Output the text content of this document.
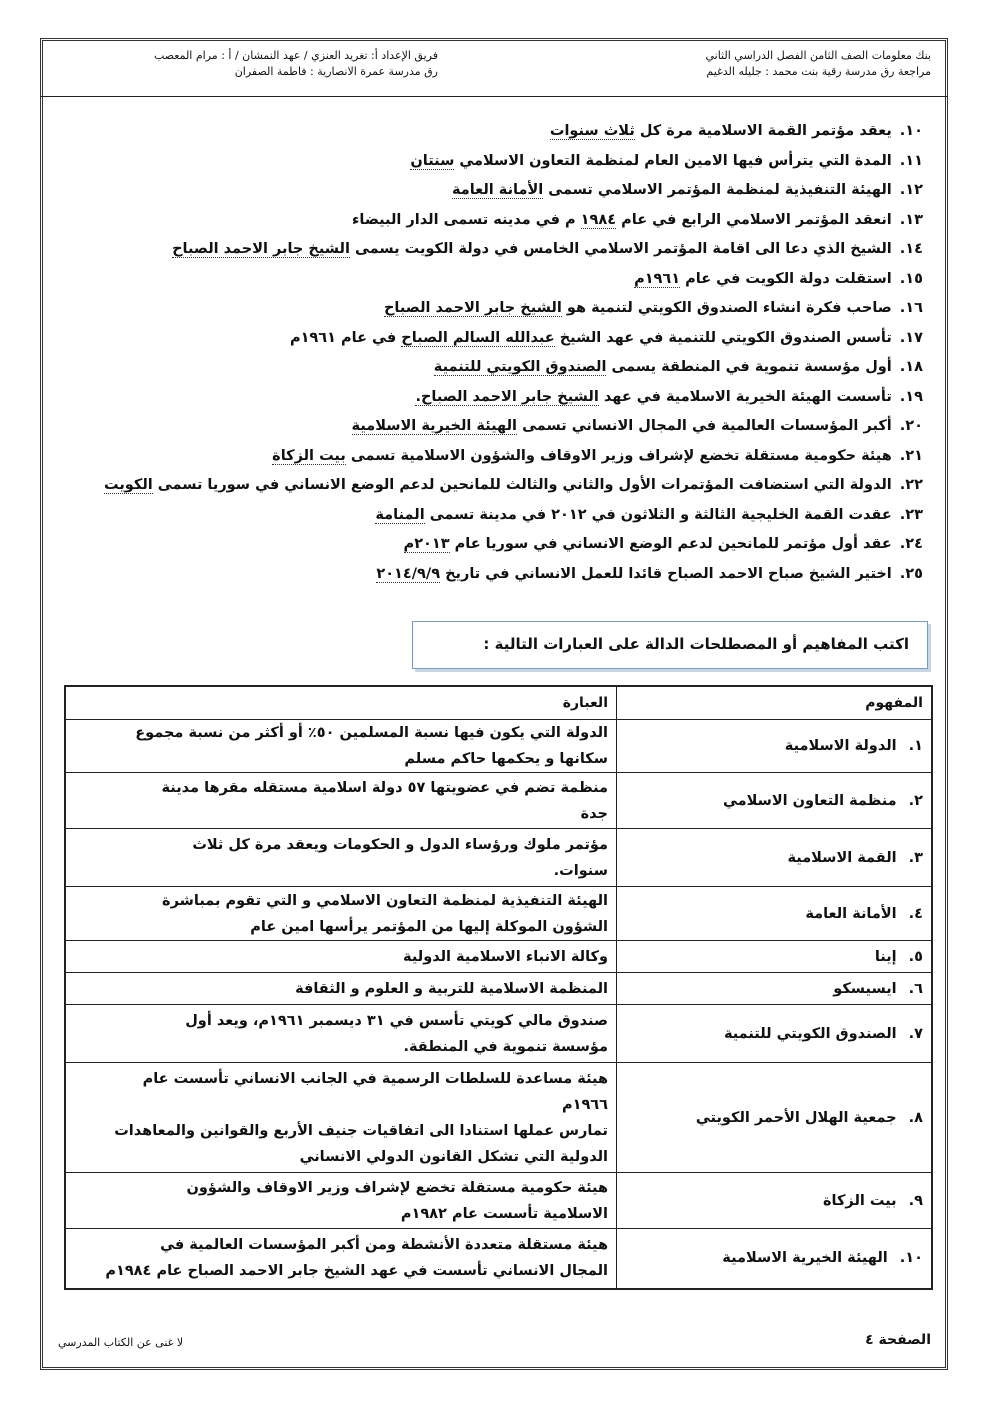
بنك معلومات الصف الثامن الفصل الدراسي الثاني
مراجعة رق مدرسة رقية بنت محمد : جليله الدغيم
فريق الإعداد أ: تغريد العنزي / عهد النمشان / أ : مرام المعصب
رق مدرسة عمرة الانصارية : فاطمة الصفران
١٠.يعقد مؤتمر القمة الاسلامية مرة كل ثلاث سنوات
١١.المدة التي يترأس فيها الامين العام لمنظمة التعاون الاسلامي سنتان
١٢.الهيئة التنفيذية لمنظمة المؤتمر الاسلامي تسمى الأمانة العامة
١٣.انعقد المؤتمر الاسلامي الرابع في عام ١٩٨٤ م في مدينه تسمى الدار البيضاء
١٤.الشيخ الذي دعا الى اقامة المؤتمر الاسلامي الخامس في دولة الكويت يسمى الشيخ جابر الاحمد الصباح
١٥.استقلت دولة الكويت في عام ١٩٦١م
١٦.صاحب فكرة انشاء الصندوق الكويتي لتنمية هو الشيخ جابر الاحمد الصباح
١٧.تأسس الصندوق الكويتي للتنمية في عهد الشيخ عبدالله السالم الصباح في عام ١٩٦١م
١٨.أول مؤسسة تنموية في المنطقة يسمى الصندوق الكويتي للتنمية
١٩.تأسست الهيئة الخيرية الاسلامية في عهد الشيخ جابر الاحمد الصباح.
٢٠.أكبر المؤسسات العالمية في المجال الانساني تسمى الهيئة الخيرية الاسلامية
٢١.هيئة حكومية مستقلة تخضع لإشراف وزير الاوقاف والشؤون الاسلامية تسمى بيت الزكاة
٢٢.الدولة التي استضافت المؤتمرات الأول والثاني والثالث للمانحين لدعم الوضع الانساني في سوريا تسمى الكويت
٢٣.عقدت القمة الخليجية الثالثة و الثلاثون في ٢٠١٢ في مدينة تسمى المنامة
٢٤.عقد أول مؤتمر للمانحين لدعم الوضع الانساني في سوريا عام ٢٠١٣م
٢٥.اختير الشيخ صباح الاحمد الصباح قائدا للعمل الانساني في تاريخ ٢٠١٤/٩/٩
اكتب المفاهيم أو المصطلحات الدالة على العبارات التالية :
المفهوم	العبارة
١.الدولة الاسلامية	الدولة التي يكون فيها نسبة المسلمين ٥٠٪ أو أكثر من نسبة مجموع
سكانها و يحكمها حاكم مسلم

٢.منظمة التعاون الاسلامي	منظمة تضم في عضويتها ٥٧ دولة اسلامية مستقله مقرها مدينة
جدة

٣.القمة الاسلامية	مؤتمر ملوك ورؤساء الدول و الحكومات ويعقد مرة كل ثلاث
سنوات.

٤.الأمانة العامة	الهيئة التنفيذية لمنظمة التعاون الاسلامي و التي تقوم بمباشرة
الشؤون الموكلة إليها من المؤتمر يرأسها امين عام

٥.إينا	وكالة الانباء الاسلامية الدولية

٦.ايسيسكو	المنظمة الاسلامية للتربية و العلوم و الثقافة

٧.الصندوق الكويتي للتنمية	صندوق مالي كويتي تأسس في ٣١ ديسمبر ١٩٦١م، ويعد أول
مؤسسة تنموية في المنطقة.

٨.جمعية الهلال الأحمر الكويتي	هيئة مساعدة للسلطات الرسمية في الجانب الانساني تأسست عام
١٩٦٦م
تمارس عملها استنادا الى اتفاقيات جنيف الأربع والقوانين والمعاهدات
الدولية التي تشكل القانون الدولي الانساني

٩.بيت الزكاة	هيئة حكومية مستقلة تخضع لإشراف وزير الاوقاف والشؤون
الاسلامية تأسست عام ١٩٨٢م

١٠.الهيئة الخيرية الاسلامية	هيئة مستقلة متعددة الأنشطة ومن أكبر المؤسسات العالمية في
المجال الانساني تأسست في عهد الشيخ جابر الاحمد الصباح عام ١٩٨٤م
الصفحة ٤
لا غنى عن الكتاب المدرسي
